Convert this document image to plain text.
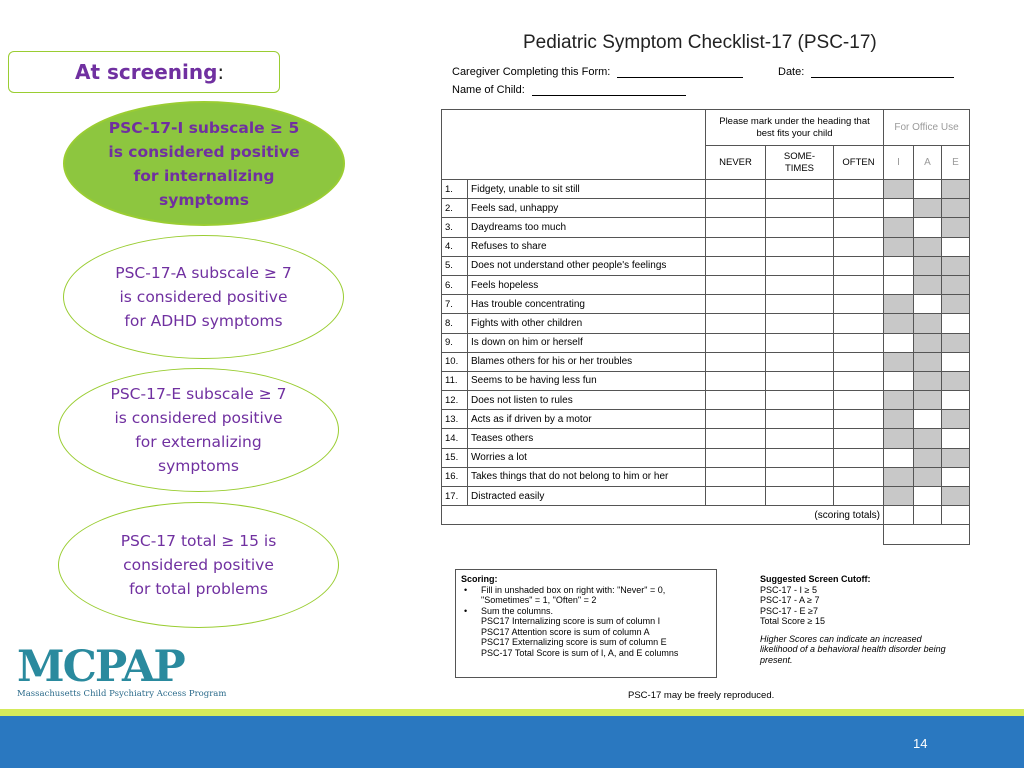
At screening :
PSC-17-I subscale ≥ 5
is considered positive
for internalizing
symptoms
PSC-17-A subscale ≥ 7
is considered positive
for ADHD symptoms
PSC-17-E subscale ≥ 7
is considered positive
for externalizing
symptoms
PSC-17 total ≥ 15 is
considered positive
for total problems
MCPAP
Massachusetts Child Psychiatry Access Program
Pediatric Symptom Checklist-17 (PSC-17)
Caregiver Completing this Form:	Date:
Name of Child:
		Please mark under the heading that best fits your child			For Office Use		
		NEVER	SOME-
TIMES	OFTEN	I	A	E
1.	Fidgety, unable to sit still						
2.	Feels sad, unhappy						
3.	Daydreams too much						
4.	Refuses to share						
5.	Does not understand other people's feelings						
6.	Feels hopeless						
7.	Has trouble concentrating						
8.	Fights with other children						
9.	Is down on him or herself						
10.	Blames others for his or her troubles						
11.	Seems to be having less fun						
12.	Does not listen to rules						
13.	Acts as if driven by a motor						
14.	Teases others						
15.	Worries a lot						
16.	Takes things that do not belong to him or her						
17.	Distracted easily						
(scoring totals)							

Scoring:
• Fill in unshaded box on right with: "Never" = 0, "Sometimes" = 1, "Often" = 2
• Sum the columns.
PSC17 Internalizing score is sum of column I
PSC17 Attention score is sum of column A
PSC17 Externalizing score is sum of column E
PSC-17 Total Score is sum of I, A, and E columns
Suggested Screen Cutoff:
PSC-17 - I ≥ 5
PSC-17 - A ≥ 7
PSC-17 - E ≥7
Total Score ≥ 15
Higher Scores can indicate an increased likelihood of a behavioral health disorder being present.
PSC-17 may be freely reproduced.
14
